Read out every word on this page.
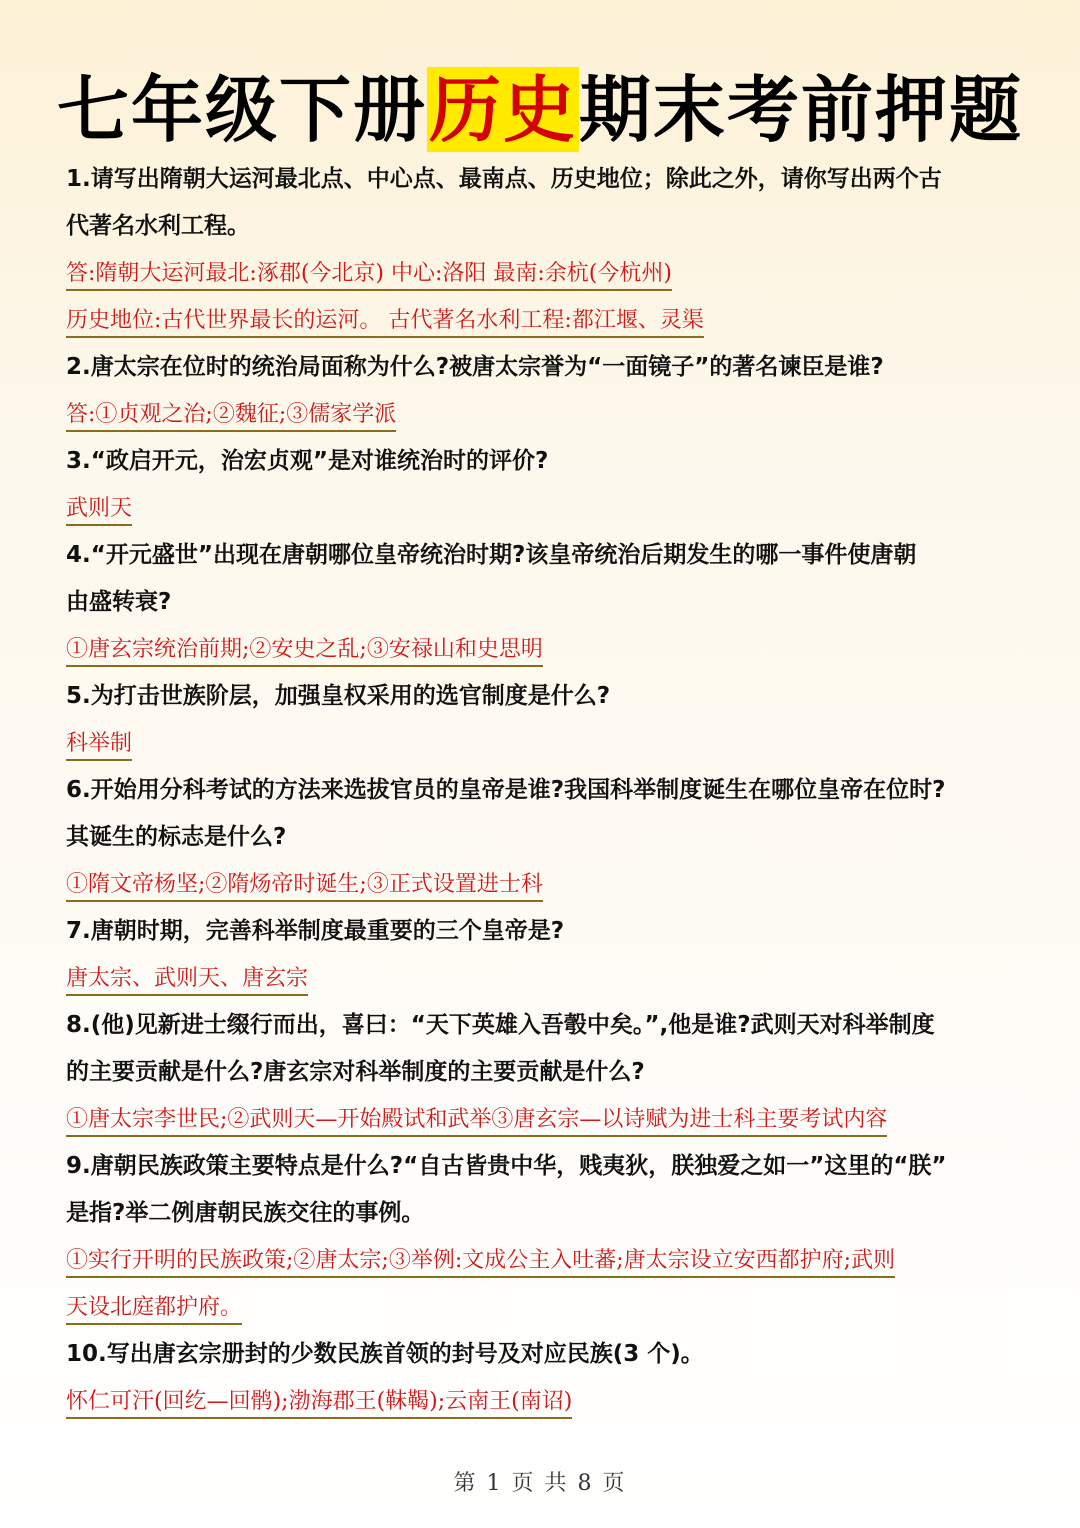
七年级下册历史期末考前押题

1.请写出隋朝大运河最北点、中心点、最南点、历史地位；除此之外，请你写出两个古

代著名水利工程。

答:隋朝大运河最北:涿郡(今北京) 中心:洛阳 最南:余杭(今杭州)

历史地位:古代世界最长的运河。 古代著名水利工程:都江堰、灵渠

2.唐太宗在位时的统治局面称为什么?被唐太宗誉为“一面镜子”的著名谏臣是谁?

答:①贞观之治;②魏征;③儒家学派

3.“政启开元，治宏贞观”是对谁统治时的评价?

武则天

4.“开元盛世”出现在唐朝哪位皇帝统治时期?该皇帝统治后期发生的哪一事件使唐朝

由盛转衰?

①唐玄宗统治前期;②安史之乱;③安禄山和史思明

5.为打击世族阶层，加强皇权采用的选官制度是什么?

科举制

6.开始用分科考试的方法来选拔官员的皇帝是谁?我国科举制度诞生在哪位皇帝在位时?

其诞生的标志是什么?

①隋文帝杨坚;②隋炀帝时诞生;③正式设置进士科

7.唐朝时期，完善科举制度最重要的三个皇帝是?

唐太宗、武则天、唐玄宗

8.(他)见新进士缀行而出，喜曰：“天下英雄入吾彀中矣。”,他是谁?武则天对科举制度

的主要贡献是什么?唐玄宗对科举制度的主要贡献是什么?

①唐太宗李世民;②武则天—开始殿试和武举③唐玄宗—以诗赋为进士科主要考试内容

9.唐朝民族政策主要特点是什么?“自古皆贵中华，贱夷狄，朕独爱之如一”这里的“朕”

是指?举二例唐朝民族交往的事例。

①实行开明的民族政策;②唐太宗;③举例:文成公主入吐蕃;唐太宗设立安西都护府;武则

天设北庭都护府。

10.写出唐玄宗册封的少数民族首领的封号及对应民族(3 个)。

怀仁可汗(回纥—回鹘);渤海郡王(靺鞨);云南王(南诏)

第 1 页 共 8 页
